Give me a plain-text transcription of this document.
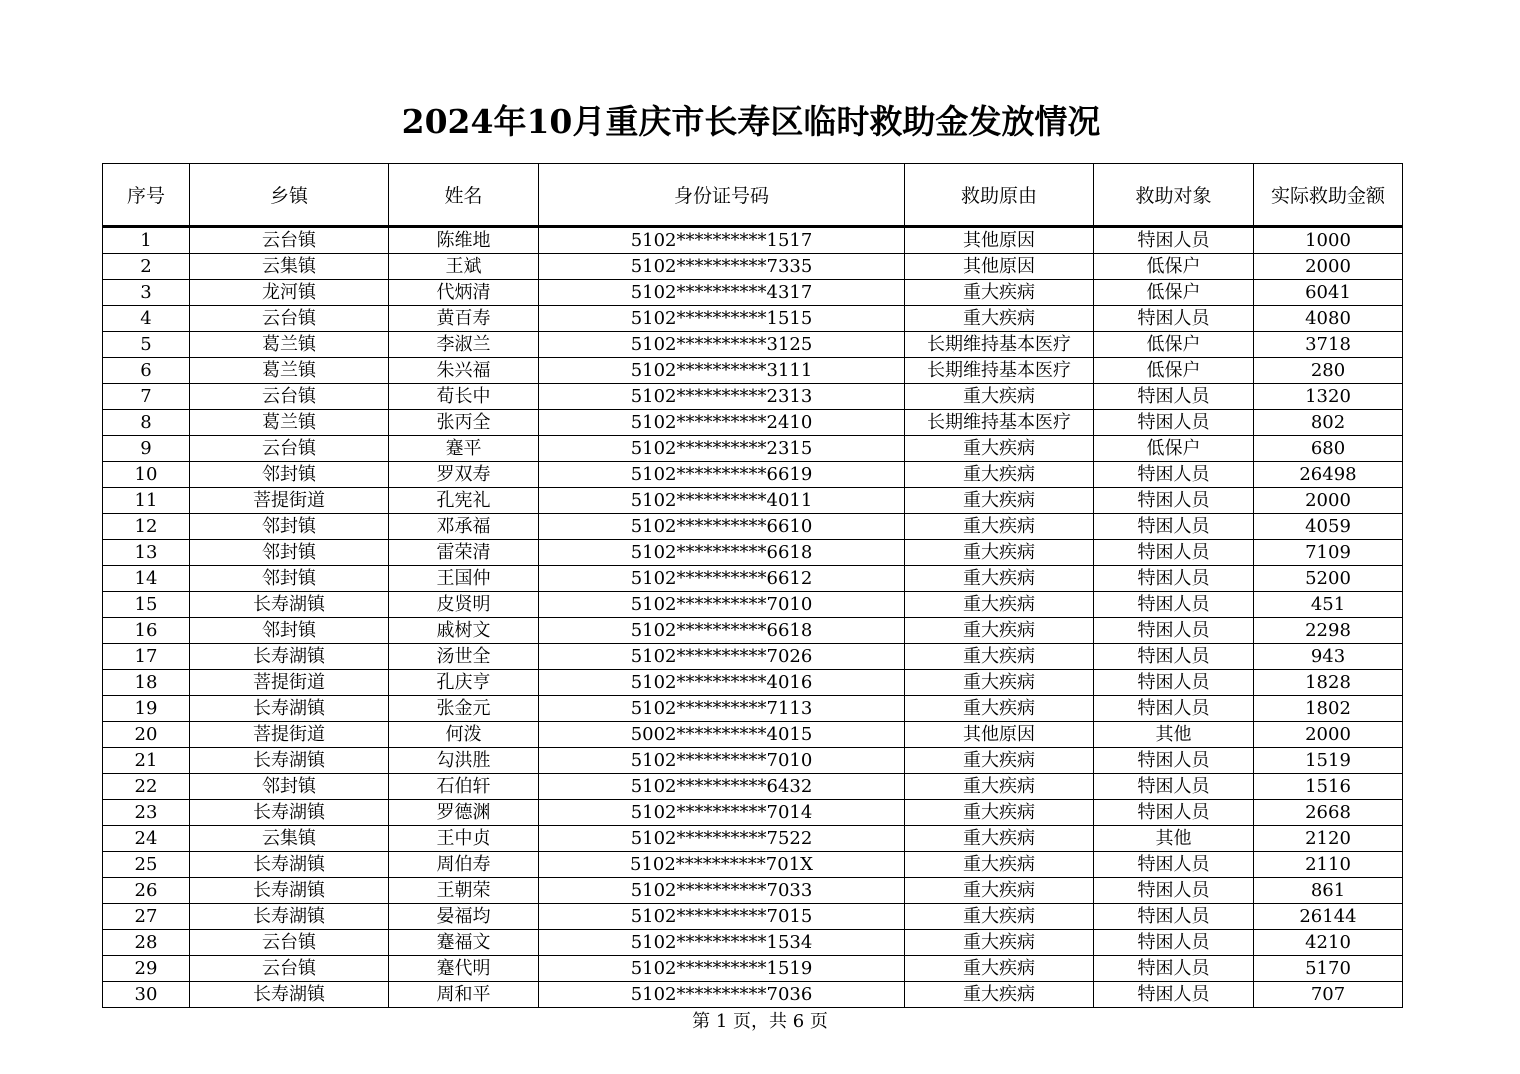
2024年10月重庆市长寿区临时救助金发放情况
序号	乡镇	姓名	身份证号码	救助原由	救助对象	实际救助金额
1	云台镇	陈维地	5102**********1517	其他原因	特困人员	1000
2	云集镇	王斌	5102**********7335	其他原因	低保户	2000
3	龙河镇	代炳清	5102**********4317	重大疾病	低保户	6041
4	云台镇	黄百寿	5102**********1515	重大疾病	特困人员	4080
5	葛兰镇	李淑兰	5102**********3125	长期维持基本医疗	低保户	3718
6	葛兰镇	朱兴福	5102**********3111	长期维持基本医疗	低保户	280
7	云台镇	荀长中	5102**********2313	重大疾病	特困人员	1320
8	葛兰镇	张丙全	5102**********2410	长期维持基本医疗	特困人员	802
9	云台镇	蹇平	5102**********2315	重大疾病	低保户	680
10	邻封镇	罗双寿	5102**********6619	重大疾病	特困人员	26498
11	菩提街道	孔宪礼	5102**********4011	重大疾病	特困人员	2000
12	邻封镇	邓承福	5102**********6610	重大疾病	特困人员	4059
13	邻封镇	雷荣清	5102**********6618	重大疾病	特困人员	7109
14	邻封镇	王国仲	5102**********6612	重大疾病	特困人员	5200
15	长寿湖镇	皮贤明	5102**********7010	重大疾病	特困人员	451
16	邻封镇	戚树文	5102**********6618	重大疾病	特困人员	2298
17	长寿湖镇	汤世全	5102**********7026	重大疾病	特困人员	943
18	菩提街道	孔庆亨	5102**********4016	重大疾病	特困人员	1828
19	长寿湖镇	张金元	5102**********7113	重大疾病	特困人员	1802
20	菩提街道	何泼	5002**********4015	其他原因	其他	2000
21	长寿湖镇	勾洪胜	5102**********7010	重大疾病	特困人员	1519
22	邻封镇	石伯轩	5102**********6432	重大疾病	特困人员	1516
23	长寿湖镇	罗德渊	5102**********7014	重大疾病	特困人员	2668
24	云集镇	王中贞	5102**********7522	重大疾病	其他	2120
25	长寿湖镇	周伯寿	5102**********701X	重大疾病	特困人员	2110
26	长寿湖镇	王朝荣	5102**********7033	重大疾病	特困人员	861
27	长寿湖镇	晏福均	5102**********7015	重大疾病	特困人员	26144
28	云台镇	蹇福文	5102**********1534	重大疾病	特困人员	4210
29	云台镇	蹇代明	5102**********1519	重大疾病	特困人员	5170
30	长寿湖镇	周和平	5102**********7036	重大疾病	特困人员	707
第 1 页，共 6 页
